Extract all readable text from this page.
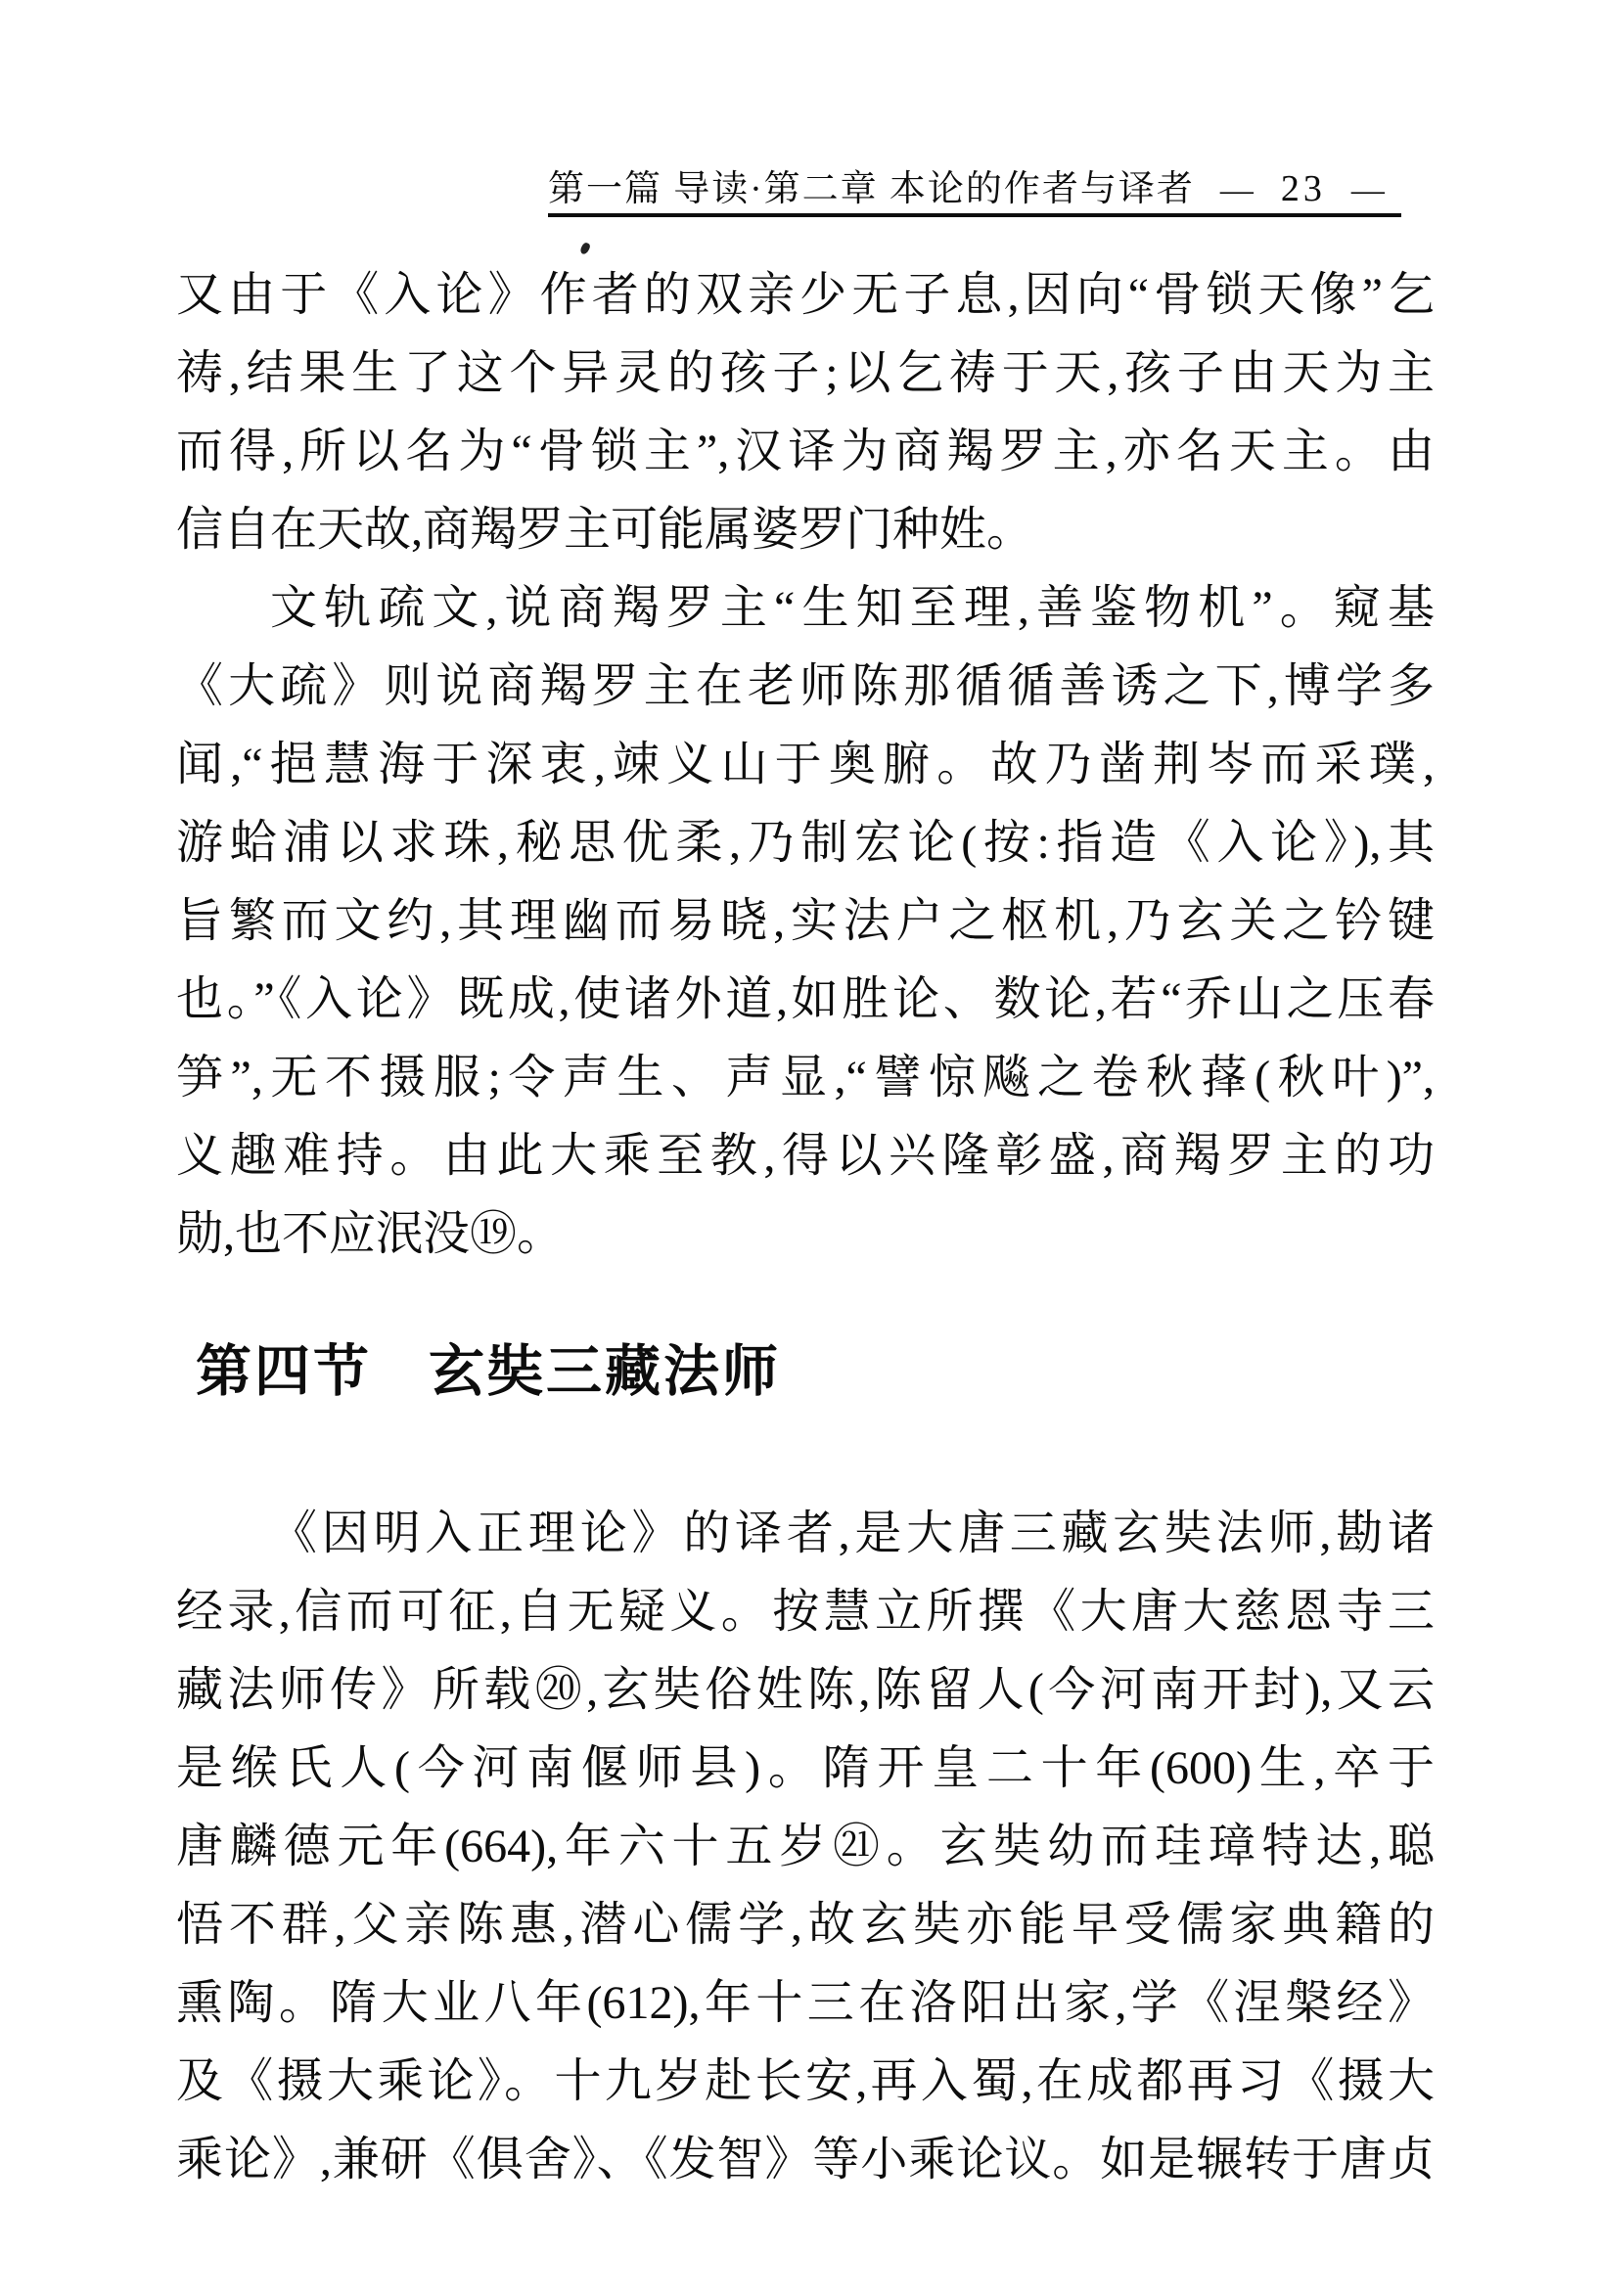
第一篇 导读·第二章 本论的作者与译者 — 23 —
又由于《入论》作者的双亲少无子息,因向“骨锁天像”乞
祷,结果生了这个异灵的孩子;以乞祷于天,孩子由天为主
而得,所以名为“骨锁主”,汉译为商羯罗主,亦名天主。由
信自在天故,商羯罗主可能属婆罗门种姓。
文轨疏文,说商羯罗主“生知至理,善鉴物机”。窥基
《大疏》则说商羯罗主在老师陈那循循善诱之下,博学多
闻,“挹慧海于深衷,竦义山于奥腑。故乃凿荆岑而采璞,
游蛤浦以求珠,秘思优柔,乃制宏论(按:指造《入论》),其
旨繁而文约,其理幽而易晓,实法户之枢机,乃玄关之钤键
也。”《入论》既成,使诸外道,如胜论、数论,若“乔山之压春
笋”,无不摄服;令声生、声显,“譬惊飚之卷秋萚(秋叶)”,
义趣难持。由此大乘至教,得以兴隆彰盛,商羯罗主的功
勋,也不应泯没⑲。
第四节 玄奘三藏法师
《因明入正理论》的译者,是大唐三藏玄奘法师,勘诸
经录,信而可征,自无疑义。按慧立所撰《大唐大慈恩寺三
藏法师传》所载⑳,玄奘俗姓陈,陈留人(今河南开封),又云
是缑氏人(今河南偃师县)。隋开皇二十年(600)生,卒于
唐麟德元年(664),年六十五岁㉑。玄奘幼而珪璋特达,聪
悟不群,父亲陈惠,潜心儒学,故玄奘亦能早受儒家典籍的
熏陶。隋大业八年(612),年十三在洛阳出家,学《涅槃经》
及《摄大乘论》。十九岁赴长安,再入蜀,在成都再习《摄大
乘论》,兼研《俱舍》、《发智》等小乘论议。如是辗转于唐贞
